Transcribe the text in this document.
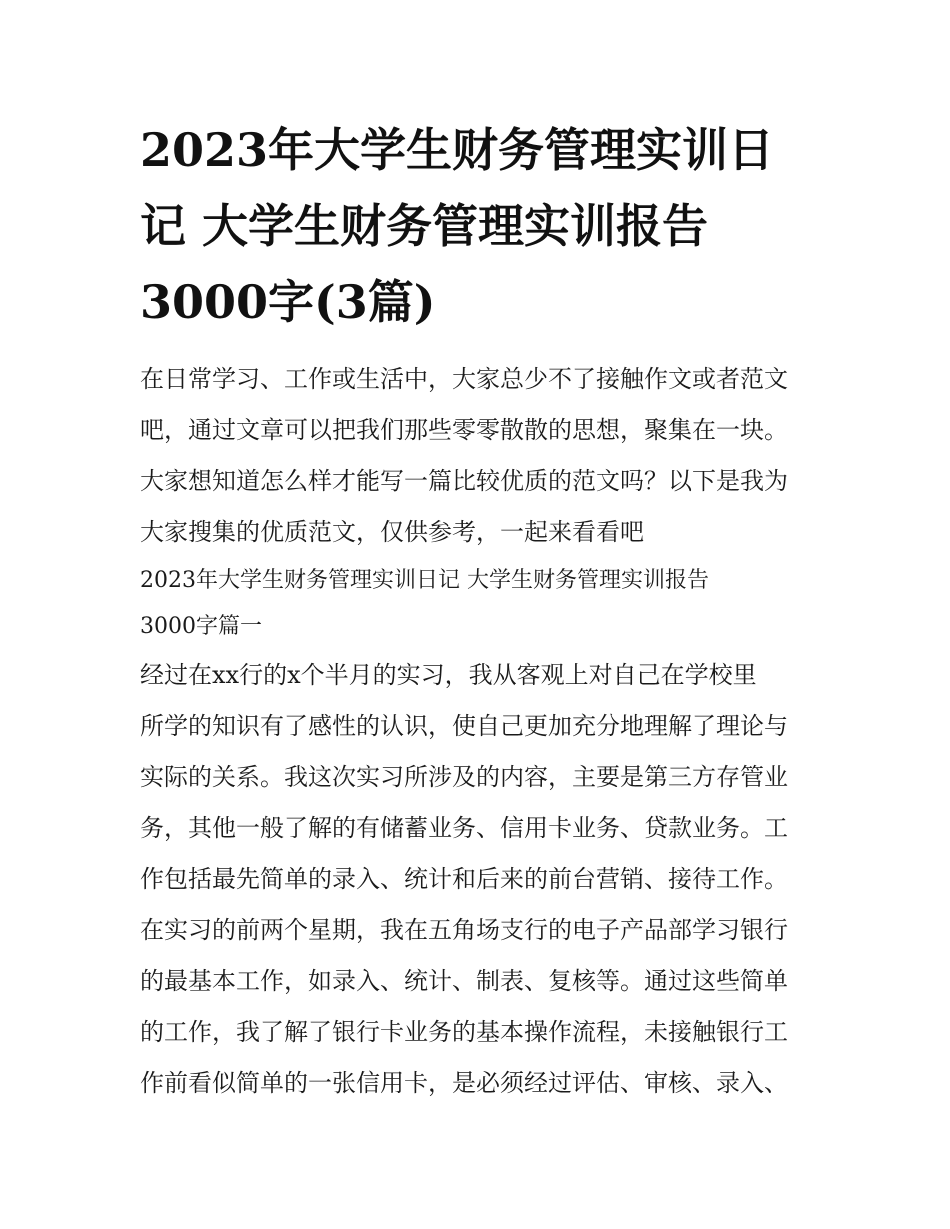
2023年大学生财务管理实训日
记 大学生财务管理实训报告
3000字(3篇)
在日常学习、工作或生活中，大家总少不了接触作文或者范文
吧，通过文章可以把我们那些零零散散的思想，聚集在一块。
大家想知道怎么样才能写一篇比较优质的范文吗？以下是我为
大家搜集的优质范文，仅供参考，一起来看看吧
2023年大学生财务管理实训日记 大学生财务管理实训报告
3000字篇一
经过在xx行的x个半月的实习，我从客观上对自己在学校里
所学的知识有了感性的认识，使自己更加充分地理解了理论与
实际的关系。我这次实习所涉及的内容，主要是第三方存管业
务，其他一般了解的有储蓄业务、信用卡业务、贷款业务。工
作包括最先简单的录入、统计和后来的前台营销、接待工作。
在实习的前两个星期，我在五角场支行的电子产品部学习银行
的最基本工作，如录入、统计、制表、复核等。通过这些简单
的工作，我了解了银行卡业务的基本操作流程，未接触银行工
作前看似简单的一张信用卡，是必须经过评估、审核、录入、
